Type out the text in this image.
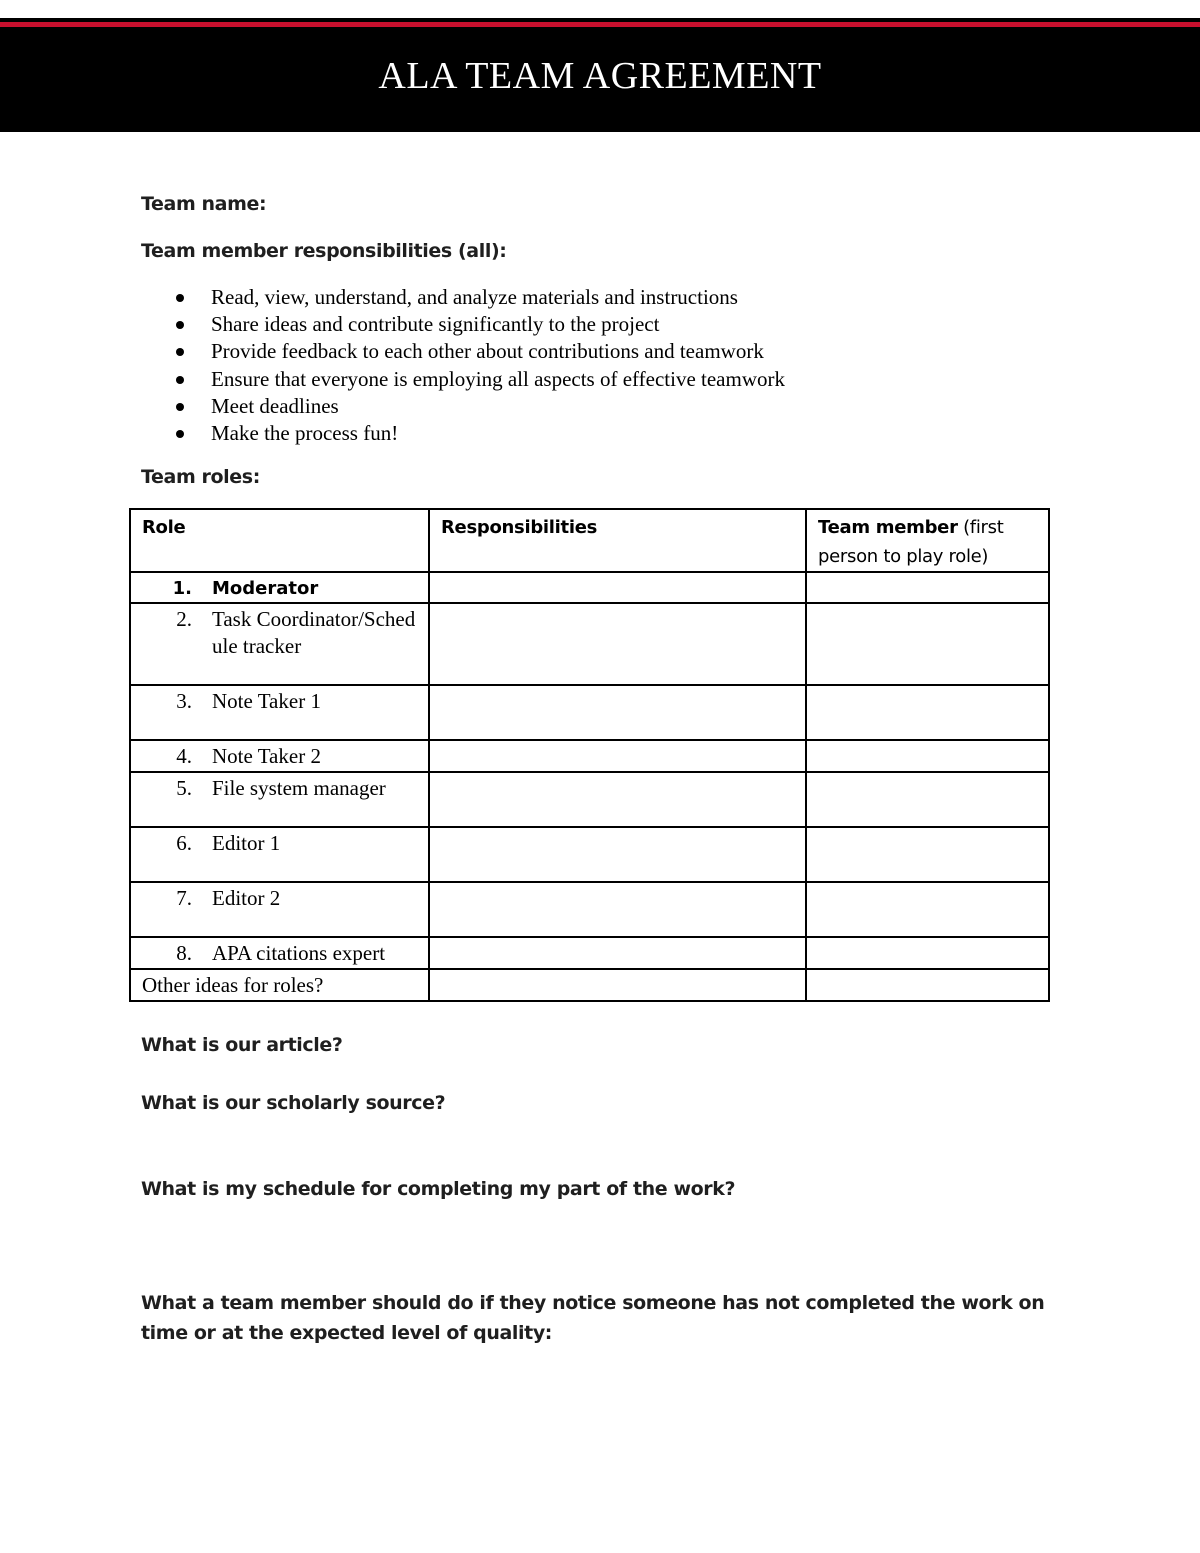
ALA TEAM AGREEMENT
Team name:
Team member responsibilities (all):
Read, view, understand, and analyze materials and instructions
Share ideas and contribute significantly to the project
Provide feedback to each other about contributions and teamwork
Ensure that everyone is employing all aspects of effective teamwork
Meet deadlines
Make the process fun!
Team roles:
Role	Responsibilities	Team member (first person to play role)

1. Moderator		

2. Task Coordinator/Schedule tracker		

3. Note Taker 1		

4. Note Taker 2		

5. File system manager		

6. Editor 1		

7. Editor 2		

8. APA citations expert		

Other ideas for roles?		

What is our article?
What is our scholarly source?
What is my schedule for completing my part of the work?
What a team member should do if they notice someone has not completed the work on time or at the expected level of quality:
